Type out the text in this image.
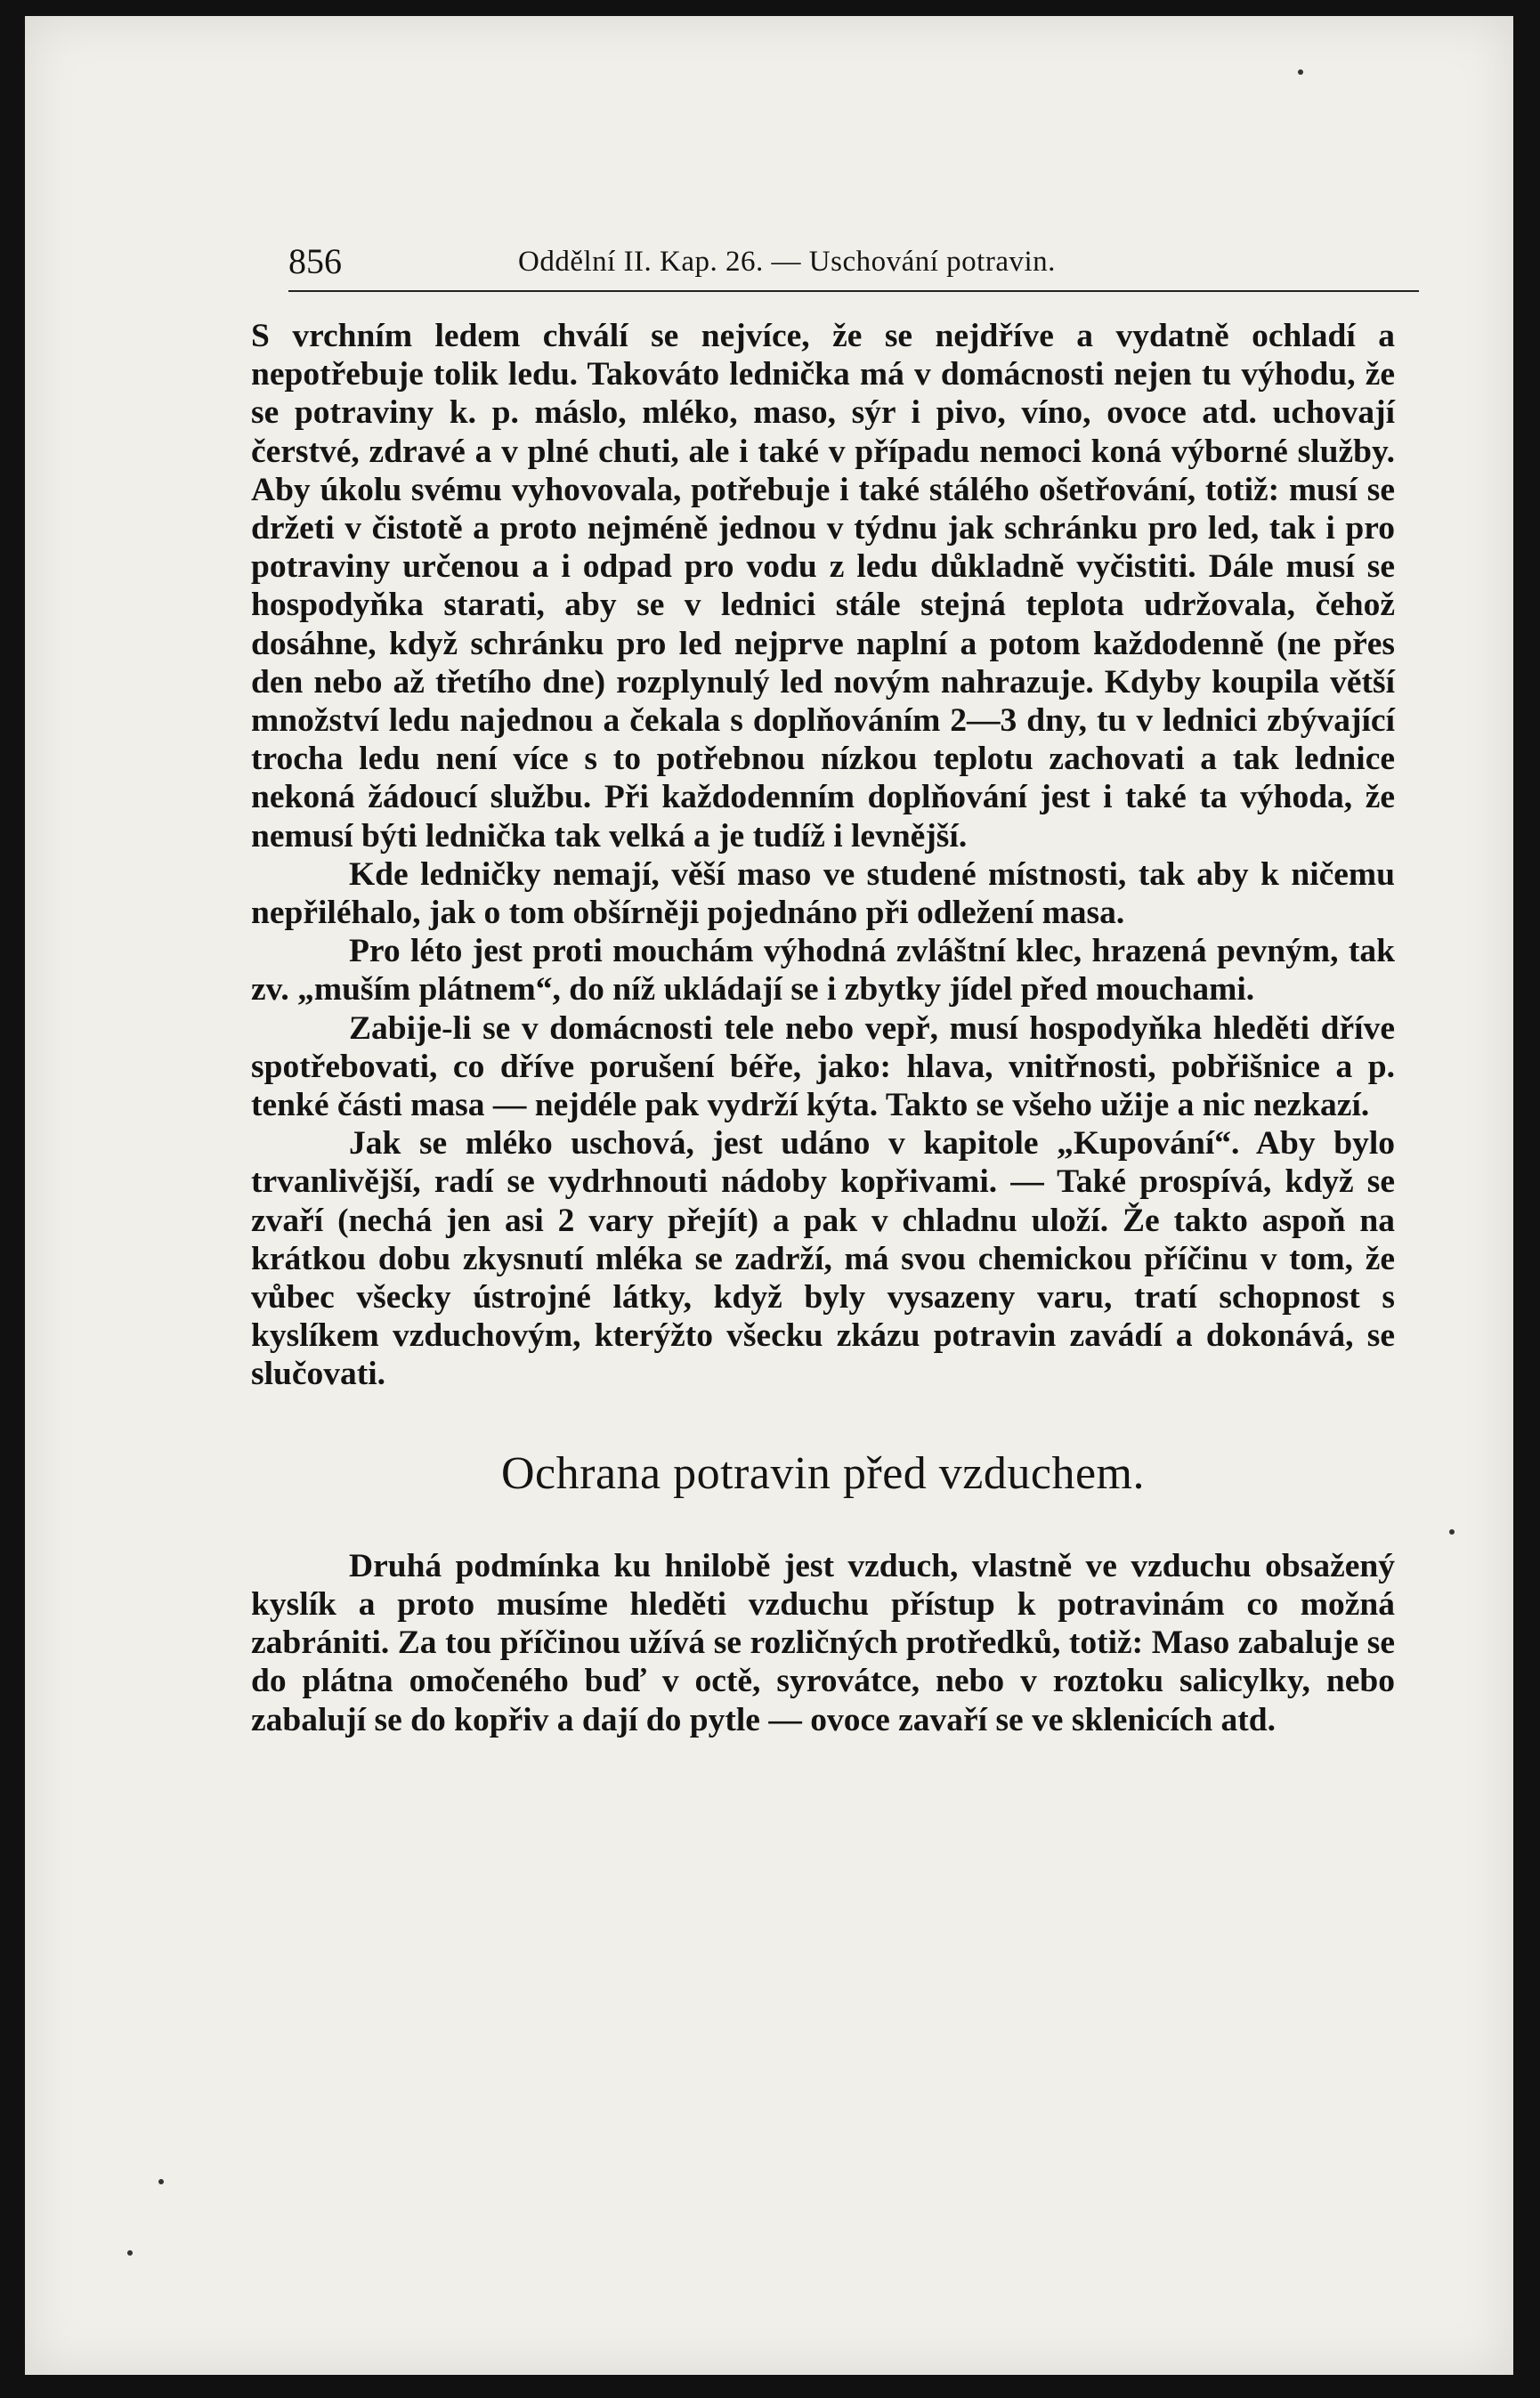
856	Oddělní II. Kap. 26. — Uschování potravin.

S vrchním ledem chválí se nejvíce, že se nejdříve a vydatně ochladí a nepotřebuje tolik ledu. Takováto lednička má v domácnosti nejen tu výhodu, že se potraviny k. p. máslo, mléko, maso, sýr i pivo, víno, ovoce atd. uchovají čerstvé, zdravé a v plné chuti, ale i také v případu nemoci koná výborné služby. Aby úkolu svému vyhovovala, potřebuje i také stálého ošetřování, totiž: musí se držeti v čistotě a proto nejméně jednou v týdnu jak schránku pro led, tak i pro potraviny určenou a i odpad pro vodu z ledu důkladně vyčistiti. Dále musí se hospodyňka starati, aby se v lednici stále stejná teplota udržovala, čehož dosáhne, když schránku pro led nejprve naplní a potom každodenně (ne přes den nebo až třetího dne) rozplynulý led novým nahrazuje. Kdyby koupila větší množství ledu najednou a čekala s doplňováním 2—3 dny, tu v lednici zbývající trocha ledu není více s to potřebnou nízkou teplotu zachovati a tak lednice nekoná žádoucí službu. Při každodenním doplňování jest i také ta výhoda, že nemusí býti lednička tak velká a je tudíž i levnější.

Kde ledničky nemají, věší maso ve studené místnosti, tak aby k ničemu nepřiléhalo, jak o tom obšírněji pojednáno při odležení masa.

Pro léto jest proti mouchám výhodná zvláštní klec, hrazená pevným, tak zv. „muším plátnem“, do níž ukládají se i zbytky jídel před mouchami.

Zabije-li se v domácnosti tele nebo vepř, musí hospodyňka hleděti dříve spotřebovati, co dříve porušení béře, jako: hlava, vnitřnosti, pobřišnice a p. tenké části masa — nejdéle pak vydrží kýta. Takto se všeho užije a nic nezkazí.

Jak se mléko uschová, jest udáno v kapitole „Kupování“. Aby bylo trvanlivější, radí se vydrhnouti nádoby kopřivami. — Také prospívá, když se zvaří (nechá jen asi 2 vary přejít) a pak v chladnu uloží. Že takto aspoň na krátkou dobu zkysnutí mléka se zadrží, má svou chemickou příčinu v tom, že vůbec všecky ústrojné látky, když byly vysazeny varu, tratí schopnost s kyslíkem vzduchovým, kterýžto všecku zkázu potravin zavádí a dokonává, se slučovati.

Ochrana potravin před vzduchem.

Druhá podmínka ku hnilobě jest vzduch, vlastně ve vzduchu obsažený kyslík a proto musíme hleděti vzduchu přístup k potravinám co možná zabrániti. Za tou příčinou užívá se rozličných protředků, totiž: Maso zabaluje se do plátna omočeného buď v octě, syrovátce, nebo v roztoku salicylky, nebo zabalují se do kopřiv a dají do pytle — ovoce zavaří se ve sklenicích atd.
